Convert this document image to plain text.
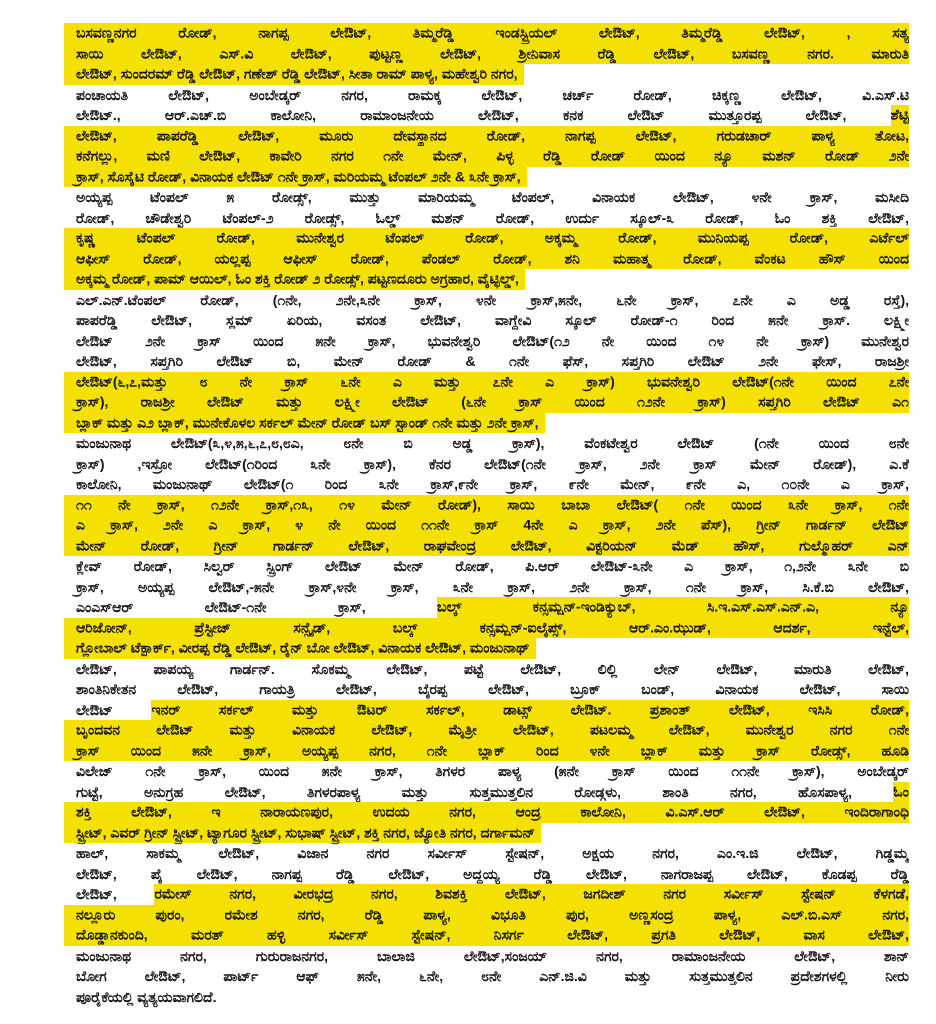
ಬಸವಣ್ಣನಗರ ರೋಡ್, ನಾಗಪ್ಪ ಲೇಔಟ್, ತಿಮ್ಮರೆಡ್ಡಿ ಇಂಡಸ್ಟ್ರಿಯಲ್ ಲೇಔಟ್, ತಿಮ್ಮರೆಡ್ಡಿ ಲೇಔಟ್, , ಸತ್ಯ
ಸಾಯಿ ಲೇಔಟ್, ಎಸ್.ವಿ ಲೇಔಟ್, ಪುಟ್ಟಣ್ಣ ಲೇಔಟ್, ಶ್ರೀನಿವಾಸ ರೆಡ್ಡಿ ಲೇಔಟ್, ಬಸವಣ್ಣ ನಗರ. ಮಾರುತಿ
ಲೇಔಟ್, ಸುಂದರಮ್ ರೆಡ್ಡಿ ಲೇಔಟ್, ಗಣೇಶ್ ರೆಡ್ಡಿ ಲೇಔಟ್, ಸೀತಾ ರಾಮ್ ಪಾಳ್ಯ, ಮಹೇಶ್ವರಿ ನಗರ,
ಪಂಚಾಯತಿ ಲೇಔಟ್, ಅಂಬೇಡ್ಕರ್ ನಗರ, ರಾಮಕ್ಕ ಲೇಔಟ್, ಚರ್ಚ್ ರೋಡ್, ಚಿಕ್ಕಣ್ಣ ಲೇಔಟ್, ವಿ.ಎಸ್.ಟಿ
ಲೇಔಟ್., ಆರ್.ಎಚ್.ಬಿ ಕಾಲೋನಿ, ರಾಮಾಂಜನೇಯ ಲೇಔಟ್, ಕನಕ ಲೇಔಟ್ ಮುತ್ತೂರಪ್ಪ ಲೇಔಟ್, ಶೆಟ್ಟಿ
ಲೇಔಟ್, ಪಾಪರೆಡ್ಡಿ ಲೇಔಟ್, ಮೂರು ದೇವಸ್ಥಾನದ ರೋಡ್, ನಾಗಪ್ಪ ಲೇಔಟ್, ಗರುಡಚಾರ್ ಪಾಳ್ಯ ತೋಟ,
ಕನೆಗಲ್ಲು, ಮಣಿ ಲೇಔಟ್, ಕಾವೇರಿ ನಗರ ೧ನೇ ಮೇನ್, ಪಿಳ್ಳ ರೆಡ್ಡಿ ರೋಡ್ ಯಿಂದ ನ್ಯೂ ಮಶನ್ ರೋಡ್ ೨ನೇ
ಕ್ರಾಸ್, ಸೊಸೈಟಿ ರೋಡ್, ವಿನಾಯಕ ಲೇಔಟ್ ೧ನೇ ಕ್ರಾಸ್, ಮರಿಯಮ್ಮ ಟೆಂಪಲ್ ೨ನೇ & ೩ನೇ ಕ್ರಾಸ್,
ಅಯ್ಯಪ್ಪ ಟೆಂಪಲ್ ೫ ರೋಡ್ಸ್, ಮುತ್ತು ಮಾರಿಯಮ್ಮ ಟೆಂಪಲ್, ವಿನಾಯಕ ಲೇಔಟ್, ೪ನೇ ಕ್ರಾಸ್, ಮಸೀದಿ
ರೋಡ್, ಚೌಡೇಶ್ವರಿ ಟೆಂಪಲ್-೨ ರೋಡ್ಸ್, ಓಲ್ಡ್ ಮಶನ್ ರೋಡ್, ಉರ್ದು ಸ್ಕೂಲ್-೩ ರೋಡ್, ಓಂ ಶಕ್ತಿ ಲೇಔಟ್,
ಕೃಷ್ಣ ಟೆಂಪಲ್ ರೋಡ್, ಮುನೇಶ್ವರ ಟೆಂಪಲ್ ರೋಡ್, ಅಕ್ಕಮ್ಮ ರೋಡ್, ಮುನಿಯಪ್ಪ ರೋಡ್, ಎರ್ಟೆಲ್
ಆಫೀಸ್ ರೋಡ್, ಯಲ್ಲಪ್ಪ ಆಫೀಸ್ ರೋಡ್, ಪೆಂಡಲ್ ರೋಡ್, ಶನಿ ಮಹಾತ್ಮ ರೋಡ್, ವೆಂಕಟ ಹೌಸ್ ಯಿಂದ
ಅಕ್ಕಮ್ಮ ರೋಡ್, ಪಾಮ್ ಆಯಿಲ್, ಓಂ ಶಕ್ತಿ ರೋಡ್ ೨ ರೋಡ್ಸ್, ಪಟ್ಟಣದೂರು ಅಗ್ರಹಾರ, ವೈಟ್ಫಿಲ್ಡ್,
ಎಲ್.ಎನ್.ಟೆಂಪಲ್ ರೋಡ್, (೧ನೇ, ೨ನೇ,೩ನೇ ಕ್ರಾಸ್, ೪ನೇ ಕ್ರಾಸ್,೫ನೇ, ೬ನೇ ಕ್ರಾಸ್, ೭ನೇ ಎ ಅಡ್ಡ ರಸ್ತೆ),
ಪಾಪರೆಡ್ಡಿ ಲೇಔಟ್, ಸ್ಲಮ್ ಏರಿಯ, ವಸಂತ ಲೇಔಟ್, ವಾಗ್ದೇವಿ ಸ್ಕೂಲ್ ರೋಡ್-೧ ರಿಂದ ೫ನೇ ಕ್ರಾಸ್. ಲಕ್ಷ್ಮೀ
ಲೇಔಟ್ ೨ನೇ ಕ್ರಾಸ್ ಯಿಂದ ೫ನೇ ಕ್ರಾಸ್, ಭುವನೇಶ್ವರಿ ಲೇಔಟ್(೧೨ ನೇ ಯಿಂದ ೧೪ ನೇ ಕ್ರಾಸ್) ಮುನೇಶ್ವರ
ಲೇಔಟ್, ಸಪ್ತಗಿರಿ ಲೇಔಟ್ ಬಿ, ಮೇನ್ ರೋಡ್ & ೧ನೇ ಫೆಸ್, ಸಪ್ತಗಿರಿ ಲೇಔಟ್ ೨ನೇ ಫೇಸ್, ರಾಜಶ್ರೀ
ಲೇಔಟ್(೬,೭,ಮತ್ತು ೮ ನೇ ಕ್ರಾಸ್ ೬ನೇ ಎ ಮತ್ತು ೭ನೇ ಎ ಕ್ರಾಸ್) ಭುವನೇಶ್ವರಿ ಲೇಔಟ್(೧ನೇ ಯಿಂದ ೭ನೇ
ಕ್ರಾಸ್), ರಾಜಶ್ರೀ ಲೇಔಟ್ ಮತ್ತು ಲಕ್ಷ್ಮೀ ಲೇಔಟ್ (೬ನೇ ಕ್ರಾಸ್ ಯಿಂದ ೧೨ನೇ ಕ್ರಾಸ್) ಸಪ್ತಗಿರಿ ಲೇಔಟ್ ಎ೧
ಬ್ಲಾಕ್ ಮತ್ತು ಎ೨ ಬ್ಲಾಕ್, ಮುನೇಕೊಳಲ ಸರ್ಕಲ್ ಮೇನ್ ರೋಡ್ ಬಸ್ ಸ್ಟಾಂಡ್ ೧ನೇ ಮತ್ತು ೨ನೇ ಕ್ರಾಸ್,
ಮಂಜುನಾಥ ಲೇಔಟ್(೩,೪,೫,೬,೭,೮,೮ಎ, ೮ನೇ ಬಿ ಅಡ್ಡ ಕ್ರಾಸ್), ವೆಂಕಟೇಶ್ವರ ಲೇಔಟ್ (೧ನೇ ಯಿಂದ ೮ನೇ
ಕ್ರಾಸ್) ,ಇಸ್ರೋ ಲೇಔಟ್(೧ರಿಂದ ೩ನೇ ಕ್ರಾಸ್), ಕೆನರ ಲೇಔಟ್(೧ನೇ ಕ್ರಾಸ್, ೨ನೇ ಕ್ರಾಸ್ ಮೇನ್ ರೋಡ್), ಎ.ಕೆ
ಕಾಲೋನಿ, ಮಂಜುನಾಥ್ ಲೇಔಟ್(೧ ರಿಂದ ೩ನೇ ಕ್ರಾಸ್,೯ನೇ ಕ್ರಾಸ್, ೯ನೇ ಮೇನ್, ೯ನೇ ಎ, ೧೦ನೇ ಎ ಕ್ರಾಸ್,
೧೧ ನೇ ಕ್ರಾಸ್, ೧೨ನೇ ಕ್ರಾಸ್,೧೩, ೧೪ ಮೇನ್ ರೋಡ್), ಸಾಯಿ ಬಾಬಾ ಲೇಔಟ್( ೧ನೇ ಯಿಂದ ೩ನೇ ಕ್ರಾಸ್, ೧ನೇ
ಎ ಕ್ರಾಸ್, ೨ನೇ ಎ ಕ್ರಾಸ್, ೪ ನೇ ಯಿಂದ ೧೧ನೇ ಕ್ರಾಸ್ 4ನೇ ಎ ಕ್ರಾಸ್, ೨ನೇ ಪೆಸ್), ಗ್ರೀನ್ ಗಾರ್ಡನ್ ಲೇಔಟ್
ಮೇನ್ ರೋಡ್, ಗ್ರೀನ್ ಗಾರ್ಡನ್ ಲೇಔಟ್, ರಾಘವೇಂದ್ರ ಲೇಔಟ್, ವಿಕ್ಟರಿಯನ್ ಮೆಡ್ ಹೌಸ್, ಗುಲ್ಮೊಹರ್ ಎನ್
ಕ್ಲೇವ್ ರೋಡ್, ಸಿಲ್ವರ್ ಸ್ಪ್ರಿಂಗ್ ಲೇಔಟ್ ಮೇನ್ ರೋಡ್, ಪಿ.ಆರ್ ಲೇಔಟ್-೩ನೇ ಎ ಕ್ರಾಸ್, ೧,೨ನೇ ೩ನೇ ಬಿ
ಕ್ರಾಸ್, ಅಯ್ಯಪ್ಪ ಲೇಔಟ್,-೫ನೇ ಕ್ರಾಸ್,೪ನೇ ಕ್ರಾಸ್, ೩ನೇ ಕ್ರಾಸ್, ೨ನೇ ಕ್ರಾಸ್, ೧ನೇ ಕ್ರಾಸ್, ಸಿ.ಕೆ.ಬಿ ಲೇಔಟ್,
ಎಂಎಸ್ಆರ್ ಲೇಔಟ್-೧ನೇ ಕ್ರಾಸ್, ಬಲ್ಕ್ ಕನ್ಸಮ್ಷನ್-ಇಂಡಿಕ್ಯುಬ್, ಸಿ.ಇ.ಎಸ್.ಎಸ್.ಎನ್.ಎ, ನ್ಯೂ
ಆರಿಜೋನ್, ಪ್ರೆಸ್ಟೀಜ್ ಸನ್ಸೈಡ್, ಬಲ್ಕ್ ಕನ್ಸಮ್ಷನ್-ಐಲೈಪ್ಸ್, ಆರ್.ಎಂ.ಝುಡ್, ಆದರ್ಶ, ಇನ್ಟೆಲ್,
ಗ್ಲೋಬಾಲ್ ಟೆಕ್ಪಾರ್ಕ್, ವೀರಪ್ಪ ರೆಡ್ಡಿ ಲೇಔಟ್, ರೈನ್ ಬೋ ಲೇಔಟ್, ವಿನಾಯಕ ಲೇಔಟ್, ಮಂಜುನಾಥ್
ಲೇಔಟ್, ಪಾಪಯ್ಯ ಗಾರ್ಡನ್. ಸೊಕಮ್ಮ ಲೇಔಟ್, ಪಟ್ಟೆ ಲೇಔಟ್, ಲಿಲ್ಲಿ ಲೇನ್ ಲೇಔಟ್, ಮಾರುತಿ ಲೇಔಟ್,
ಶಾಂತಿನಿಕೇತನ ಲೇಔಟ್, ಗಾಯತ್ರಿ ಲೇಔಟ್, ಬೈರಪ್ಪ ಲೇಔಟ್, ಬ್ರೂಕ್ ಬಂಡ್, ವಿನಾಯಕ ಲೇಔಟ್, ಸಾಯಿ
ಲೇಔಟ್ ಇನರ್ ಸರ್ಕಲ್ ಮತ್ತು ಔಟರ್ ಸರ್ಕಲ್, ಡಾಟ್ಸ್ ಲೇಔಟ್. ಪ್ರಶಾಂತ್ ಲೇಔಟ್, ಇಸಿಸಿ ರೋಡ್,
ಬೃಂದವನ ಲೇಔಟ್ ಮತ್ತು ವಿನಾಯಕ ಲೇಔಟ್, ಮೈತ್ರೀ ಲೇಔಟ್, ಪಟಲಮ್ಮ ಲೇಔಟ್, ಮುನೇಶ್ವರ ನಗರ ೧ನೇ
ಕ್ರಾಸ್ ಯಿಂದ ೫ನೇ ಕ್ರಾಸ್, ಅಯ್ಯಪ್ಪ ನಗರ, ೧ನೇ ಬ್ಲಾಕ್ ರಿಂದ ೪ನೇ ಬ್ಲಾಕ್ ಮತ್ತು ಕ್ರಾಸ್ ರೋಡ್ಸ್, ಹೂಡಿ
ವಿಲೇಜ್ ೧ನೇ ಕ್ರಾಸ್, ಯಿಂದ ೫ನೇ ಕ್ರಾಸ್, ತಿಗಳರ ಪಾಳ್ಯ (೫ನೇ ಕ್ರಾಸ್ ಯಿಂದ ೧೧ನೇ ಕ್ರಾಸ್), ಅಂಬೇಡ್ಕರ್
ಗುಟ್ಟೆ, ಅನುಗ್ರಹ ಲೇಔಟ್, ತಿಗಳರಪಾಳ್ಯ ಮತ್ತು ಸುತ್ತಮುತ್ತಲಿನ ರೋಡ್ಗಳು, ಶಾಂತಿ ನಗರ, ಹೊಸಪಾಳ್ಯ, ಓಂ
ಶಕ್ತಿ ಲೇಔಟ್, ಇ ನಾರಾಯಣಪುರ, ಉದಯ ನಗರ, ಆಂದ್ರ ಕಾಲೋನಿ, ವಿ.ಎಸ್.ಆರ್ ಲೇಔಟ್, ಇಂದಿರಾಗಾಂಧಿ
ಸ್ಟ್ರೀಟ್, ಎವರ್ ಗ್ರೀನ್ ಸ್ಟ್ರೀಟ್, ಟ್ಯಾಗೂರ ಸ್ಟ್ರೀಟ್, ಸುಭಾಷ್ ಸ್ಟ್ರೀಟ್, ಶಕ್ತಿ ನಗರ, ಜ್ಯೋತಿ ನಗರ, ದರ್ಗಾಮನ್
ಹಾಲ್, ಸಾಕಮ್ಮ ಲೇಔಟ್, ವಿಜಾನ ನಗರ ಸರ್ವೀಸ್ ಸ್ಟೇಷನ್, ಅಕ್ಷಯ ನಗರ, ಎಂ.ಇ.ಜಿ ಲೇಔಟ್, ಗಿಡ್ಡಮ್ಮ
ಲೇಔಟ್, ಪೈ ಲೇಔಟ್, ನಾಗಪ್ಪ ರೆಡ್ಡಿ ಲೇಔಟ್, ಅದ್ದಯ್ಯ ರೆಡ್ಡಿ ಲೇಔಟ್, ನಾಗರಾಜಪ್ಪ ಲೇಔಟ್, ಕೊಡಪ್ಪ ರೆಡ್ಡಿ
ಲೇಔಟ್, ರಮೇಸ್ ನಗರ, ವೀರಭದ್ರ ನಗರ, ಶಿವಶಕ್ತಿ ಲೇಔಟ್, ಜಗದೀಶ್ ನಗರ ಸರ್ವೀಸ್ ಸ್ಟೇಷನ್ ಕೆಳಗಡೆ,
ನಲ್ಲೂರು ಪುರಂ, ರಮೇಶ ನಗರ, ರೆಡ್ಡಿ ಪಾಳ್ಯ, ವಿಭೂತಿ ಪುರ, ಅಣ್ಣಸಂದ್ರ ಪಾಳ್ಯ, ಎಲ್.ಬಿ.ಎಸ್ ನಗರ,
ದೊಡ್ಡಾನಕುಂದಿ, ಮರತ್ ಹಳ್ಳಿ ಸರ್ವೀಸ್ ಸ್ಟೇಷನ್, ನಿಸರ್ಗ ಲೇಔಟ್, ಪ್ರಗತಿ ಲೇಔಟ್, ವಾಸ ಲೇಔಟ್,
ಮಂಜುನಾಥ ನಗರ, ಗುರುರಾಜನಗರ, ಬಾಲಾಜಿ ಲೇಔಟ್,ಸಂಜಯ್ ನಗರ, ರಾಮಾಂಜನೇಯ ಲೇಔಟ್, ಶಾನ್
ಬೋಗ ಲೇಔಟ್, ಪಾರ್ಟ್ ಆಫ್ ೫ನೇ, ೬ನೇ, ೮ನೇ ಎನ್.ಜಿ.ವಿ ಮತ್ತು ಸುತ್ತಮುತ್ತಲಿನ ಪ್ರದೇಶಗಳಲ್ಲಿ ನೀರು
ಪೂರೈಕೆಯಲ್ಲಿ ವ್ಯತ್ಯಯವಾಗಲಿದೆ.
